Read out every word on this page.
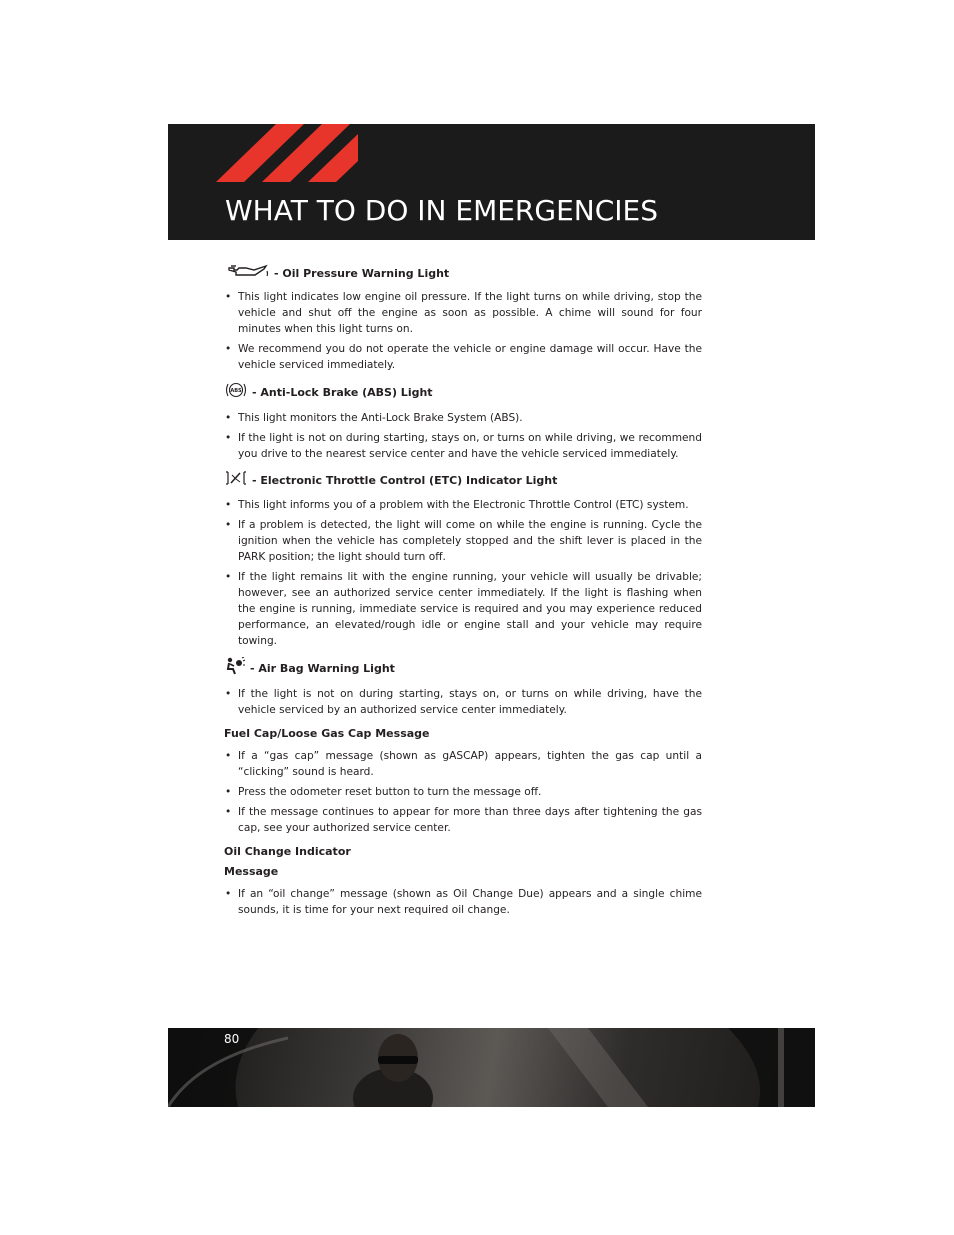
WHAT TO DO IN EMERGENCIES

- Oil Pressure Warning Light

• This light indicates low engine oil pressure. If the light turns on while driving, stop the vehicle and shut off the engine as soon as possible. A chime will sound for four minutes when this light turns on.
• We recommend you do not operate the vehicle or engine damage will occur. Have the vehicle serviced immediately.

ABS - Anti-Lock Brake (ABS) Light

• This light monitors the Anti-Lock Brake System (ABS).
• If the light is not on during starting, stays on, or turns on while driving, we recommend you drive to the nearest service center and have the vehicle serviced immediately.

- Electronic Throttle Control (ETC) Indicator Light

• This light informs you of a problem with the Electronic Throttle Control (ETC) system.
• If a problem is detected, the light will come on while the engine is running. Cycle the ignition when the vehicle has completely stopped and the shift lever is placed in the PARK position; the light should turn off.
• If the light remains lit with the engine running, your vehicle will usually be drivable; however, see an authorized service center immediately. If the light is flashing when the engine is running, immediate service is required and you may experience reduced performance, an elevated/rough idle or engine stall and your vehicle may require towing.

- Air Bag Warning Light

• If the light is not on during starting, stays on, or turns on while driving, have the vehicle serviced by an authorized service center immediately.

Fuel Cap/Loose Gas Cap Message

• If a “gas cap” message (shown as gASCAP) appears, tighten the gas cap until a “clicking” sound is heard.
• Press the odometer reset button to turn the message off.
• If the message continues to appear for more than three days after tightening the gas cap, see your authorized service center.

Oil Change Indicator

Message

• If an “oil change” message (shown as Oil Change Due) appears and a single chime sounds, it is time for your next required oil change.
80
